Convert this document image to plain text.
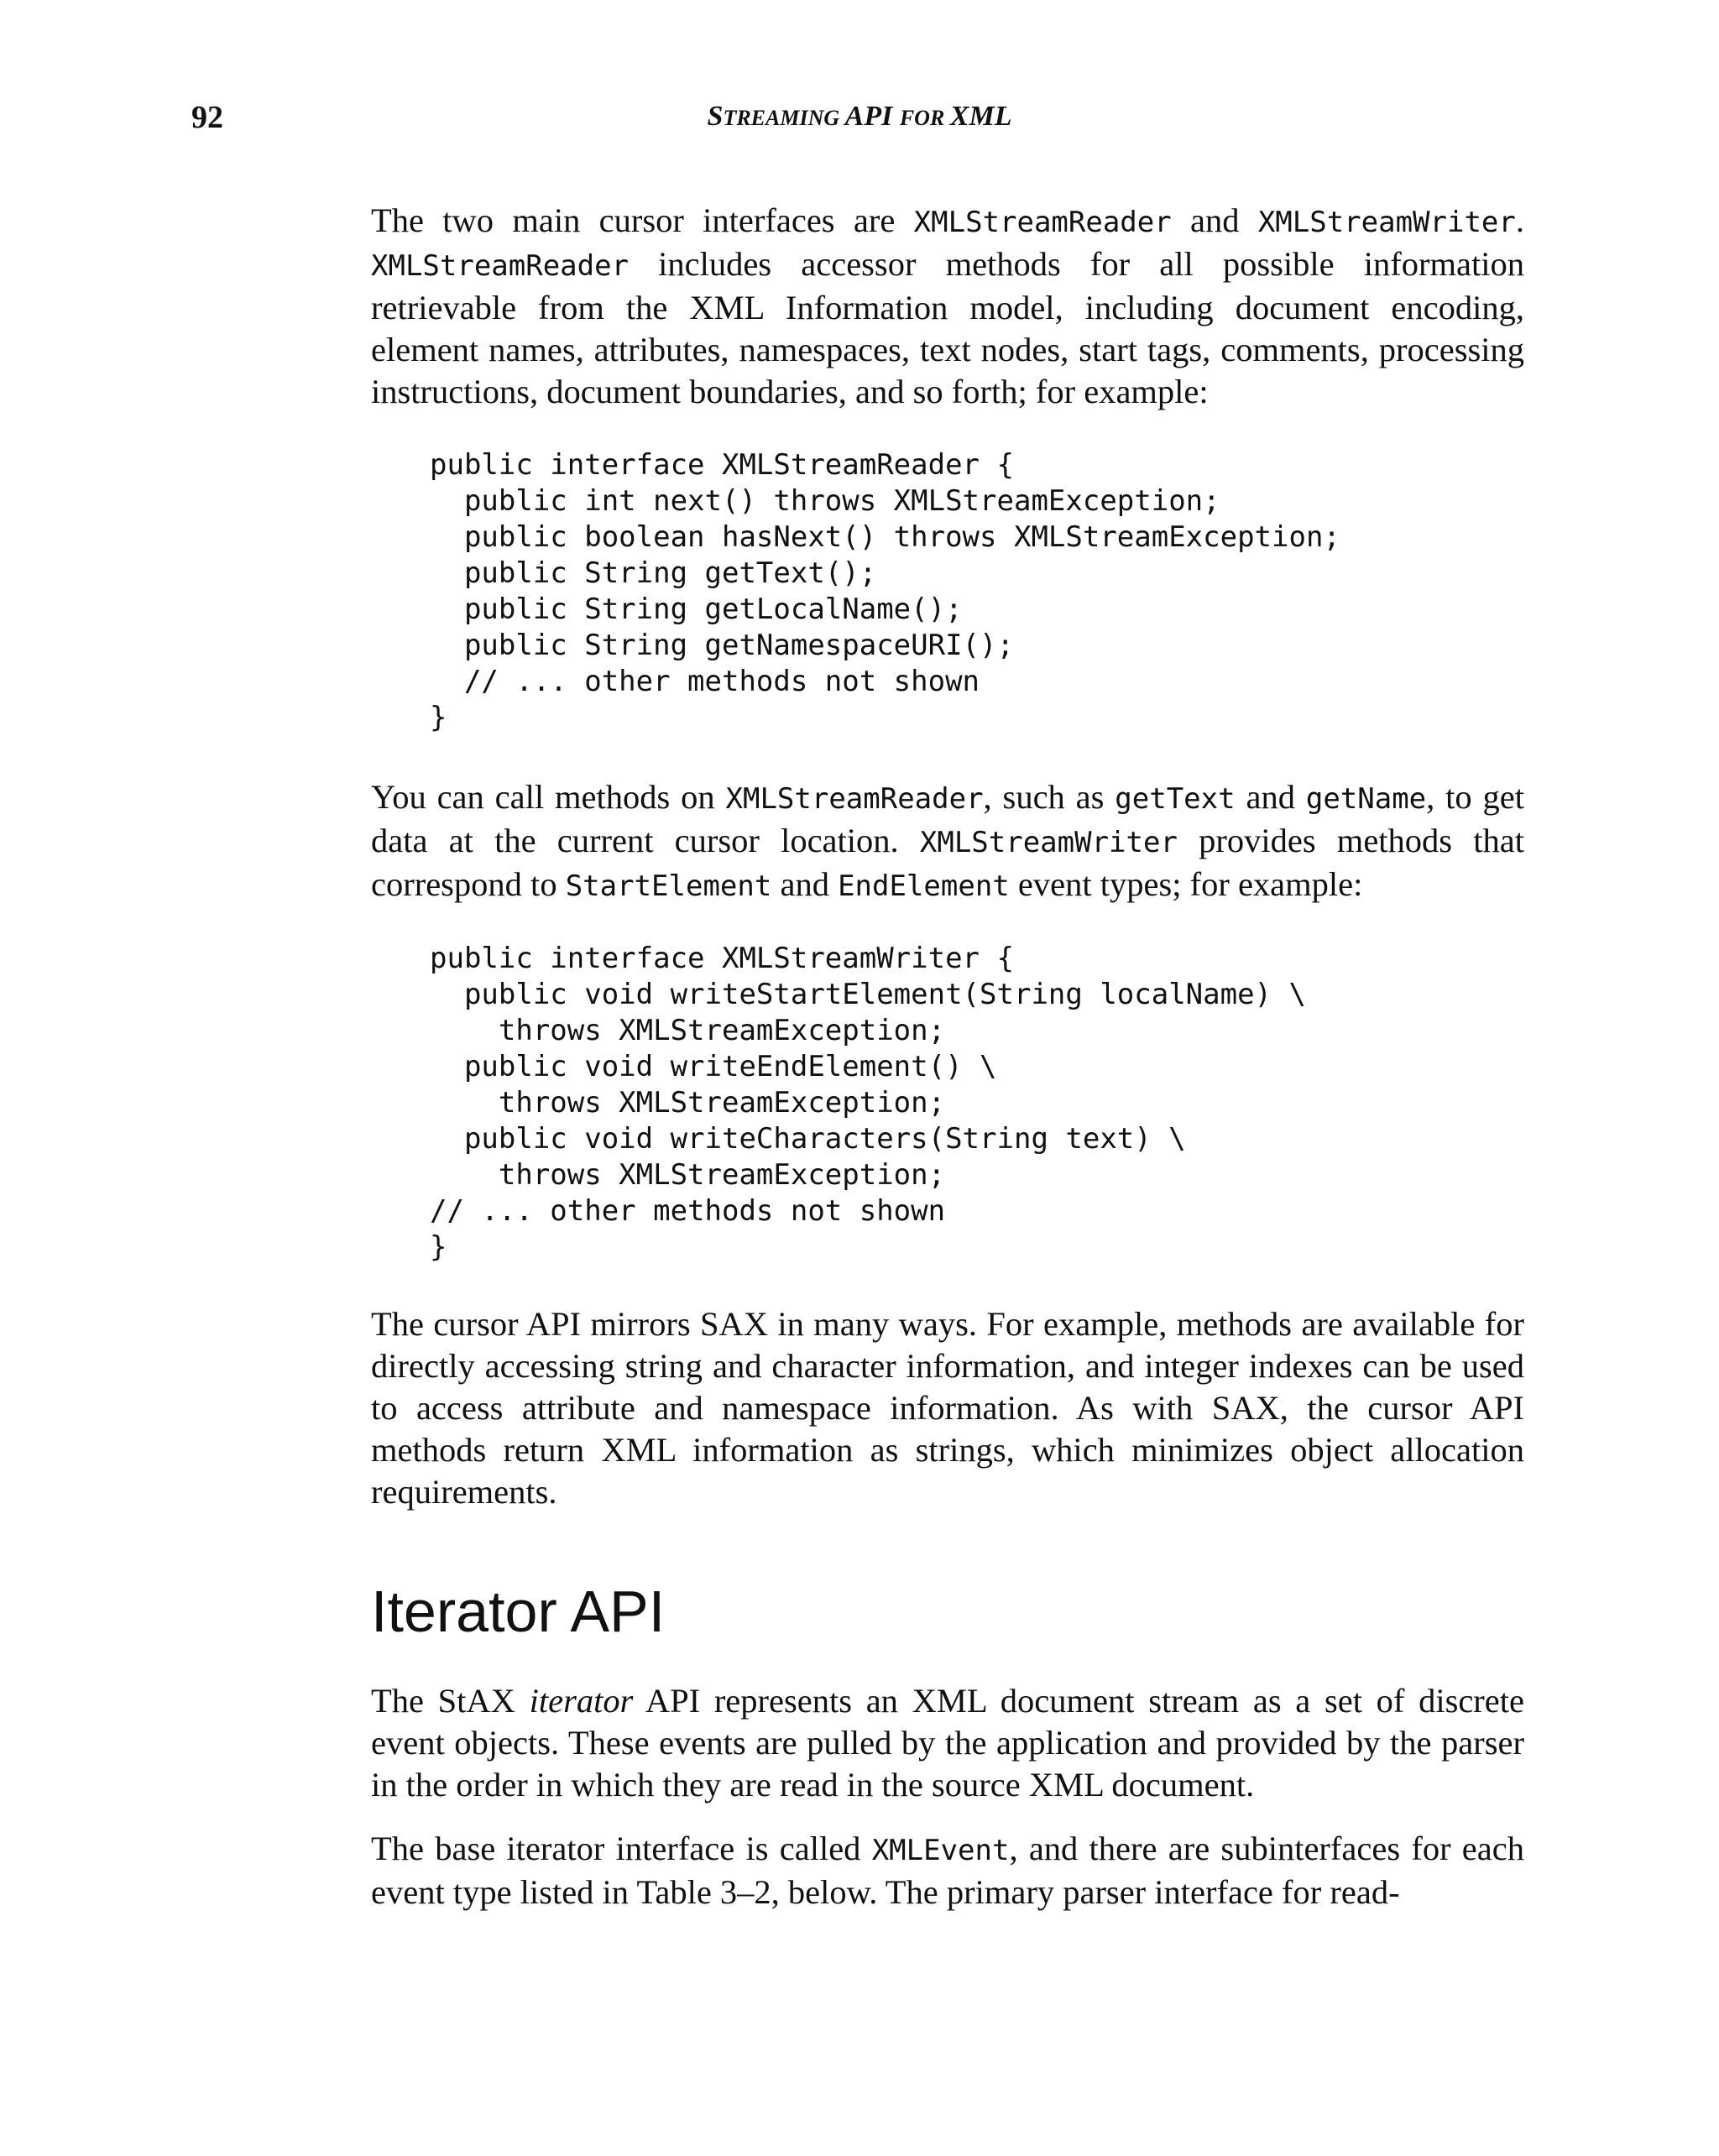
92	STREAMING API FOR XML

The two main cursor interfaces are XMLStreamReader and XMLStreamWriter. XMLStreamReader includes accessor methods for all possible information retrievable from the XML Information model, including document encoding, element names, attributes, namespaces, text nodes, start tags, comments, processing instructions, document boundaries, and so forth; for example:

public interface XMLStreamReader {
public int next() throws XMLStreamException;
public boolean hasNext() throws XMLStreamException;
public String getText();
public String getLocalName();
public String getNamespaceURI();
// ... other methods not shown
}

You can call methods on XMLStreamReader, such as getText and getName, to get data at the current cursor location. XMLStreamWriter provides methods that correspond to StartElement and EndElement event types; for example:

public interface XMLStreamWriter {
public void writeStartElement(String localName) \
throws XMLStreamException;
public void writeEndElement() \
throws XMLStreamException;
public void writeCharacters(String text) \
throws XMLStreamException;
// ... other methods not shown
}

The cursor API mirrors SAX in many ways. For example, methods are available for directly accessing string and character information, and integer indexes can be used to access attribute and namespace information. As with SAX, the cursor API methods return XML information as strings, which minimizes object allocation requirements.

Iterator API

The StAX iterator API represents an XML document stream as a set of discrete event objects. These events are pulled by the application and provided by the parser in the order in which they are read in the source XML document.

The base iterator interface is called XMLEvent, and there are subinterfaces for each event type listed in Table 3–2, below. The primary parser interface for read-
